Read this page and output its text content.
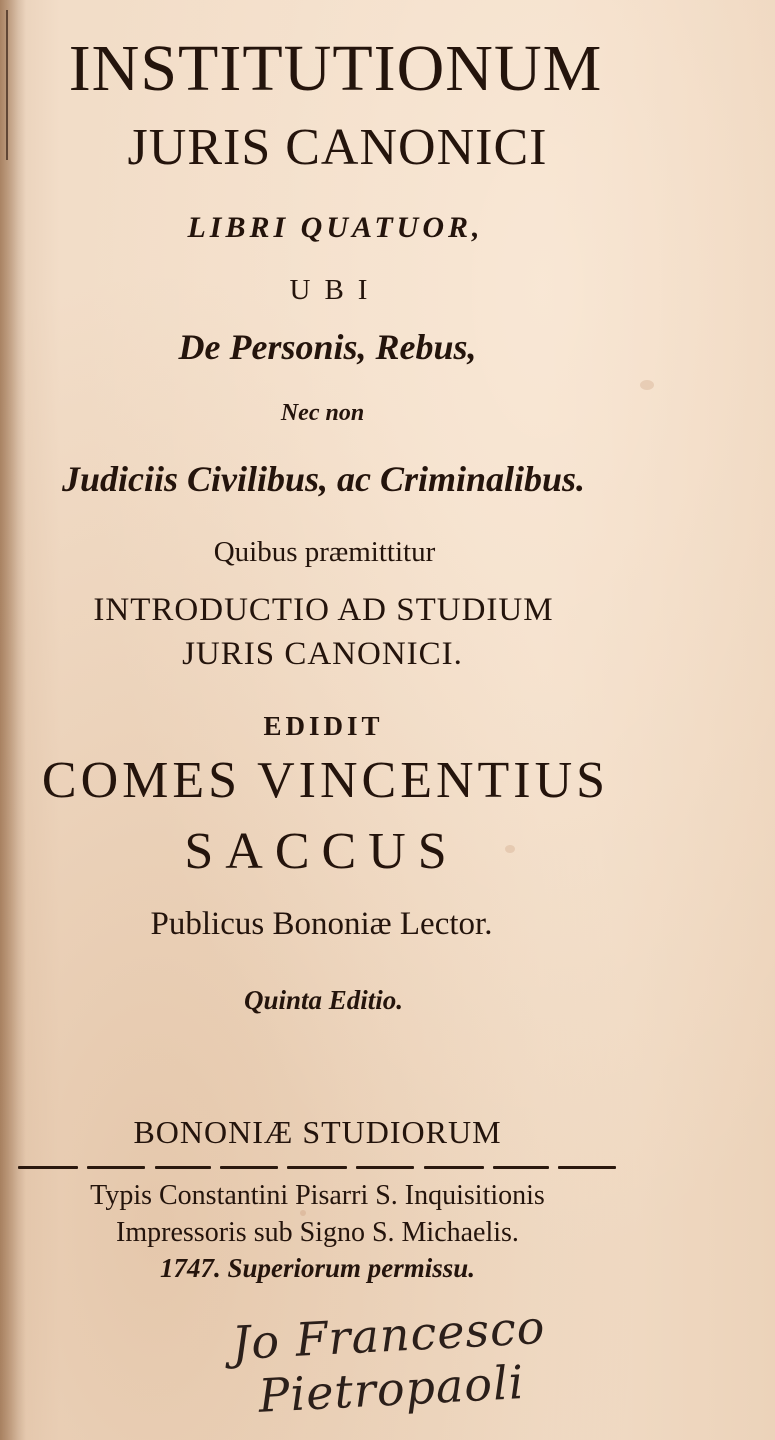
INSTITUTIONUM
JURIS CANONICI
LIBRI QUATUOR,
UBI
De Personis, Rebus,
Nec non
Judiciis Civilibus, ac Criminalibus.
Quibus præmittitur
INTRODUCTIO AD STUDIUM
JURIS CANONICI.
EDIDIT
COMES VINCENTIUS
SACCUS
Publicus Bononiæ Lector.
Quinta Editio.
BONONIÆ STUDIORUM
Typis Constantini Pisarri S. Inquisitionis
Impressoris sub Signo S. Michaelis.
1747. Superiorum permissu.
Jo Francesco Pietropaoli
